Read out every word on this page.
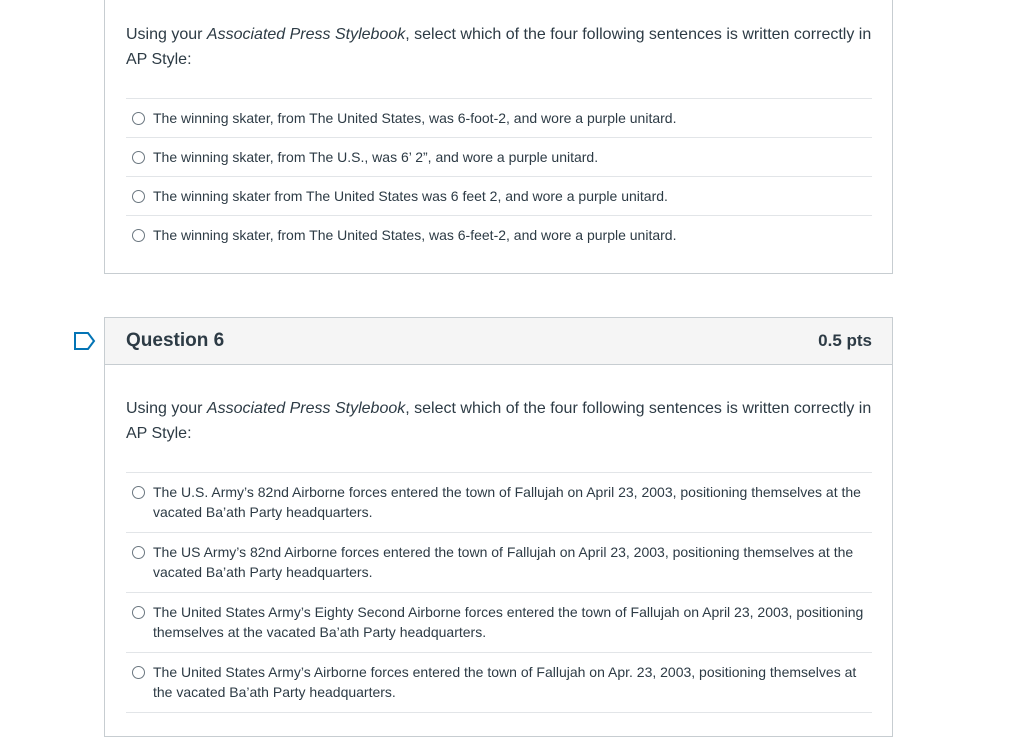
Using your Associated Press Stylebook, select which of the four following sentences is written correctly in AP Style:

The winning skater, from The United States, was 6-foot-2, and wore a purple unitard.
The winning skater, from The U.S., was 6’ 2”, and wore a purple unitard.
The winning skater from The United States was 6 feet 2, and wore a purple unitard.
The winning skater, from The United States, was 6-feet-2, and wore a purple unitard.
Question 6	0.5 pts

Using your Associated Press Stylebook, select which of the four following sentences is written correctly in AP Style:

The U.S. Army’s 82nd Airborne forces entered the town of Fallujah on April 23, 2003, positioning themselves at the vacated Ba’ath Party headquarters.
The US Army’s 82nd Airborne forces entered the town of Fallujah on April 23, 2003, positioning themselves at the vacated Ba’ath Party headquarters.
The United States Army’s Eighty Second Airborne forces entered the town of Fallujah on April 23, 2003, positioning themselves at the vacated Ba’ath Party headquarters.
The United States Army’s Airborne forces entered the town of Fallujah on Apr. 23, 2003, positioning themselves at the vacated Ba’ath Party headquarters.
